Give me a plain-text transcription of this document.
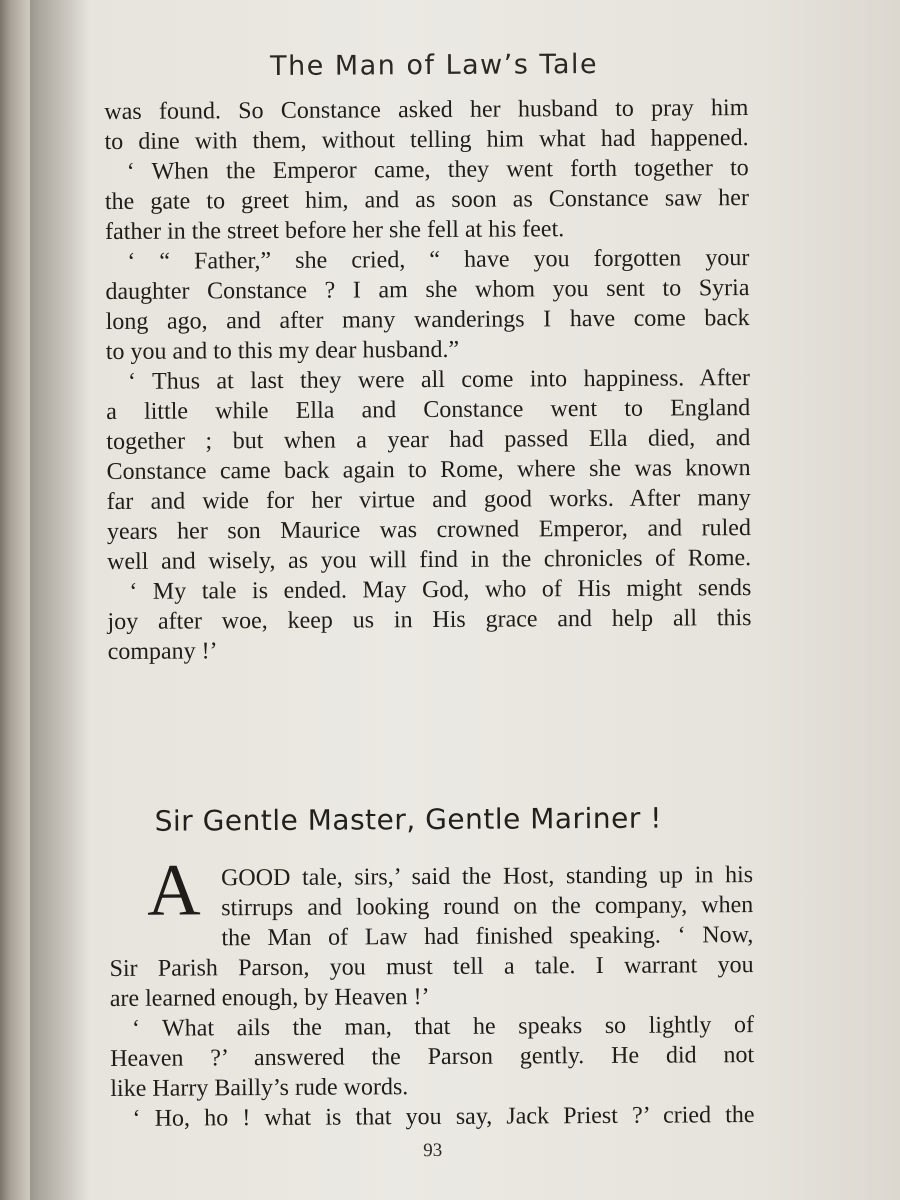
The Man of Law’s Tale

was found. So Constance asked her husband to pray him

to dine with them, without telling him what had happened.

‘ When the Emperor came, they went forth together to

the gate to greet him, and as soon as Constance saw her

father in the street before her she fell at his feet.

‘ “ Father,” she cried, “ have you forgotten your

daughter Constance ? I am she whom you sent to Syria

long ago, and after many wanderings I have come back

to you and to this my dear husband.”

‘ Thus at last they were all come into happiness. After

a little while Ella and Constance went to England

together ; but when a year had passed Ella died, and

Constance came back again to Rome, where she was known

far and wide for her virtue and good works. After many

years her son Maurice was crowned Emperor, and ruled

well and wisely, as you will find in the chronicles of Rome.

‘ My tale is ended. May God, who of His might sends

joy after woe, keep us in His grace and help all this

company !’

Sir Gentle Master, Gentle Mariner !
A GOOD tale, sirs,’ said the Host, standing up in his

stirrups and looking round on the company, when

the Man of Law had finished speaking. ‘ Now,

Sir Parish Parson, you must tell a tale. I warrant you

are learned enough, by Heaven !’

‘ What ails the man, that he speaks so lightly of

Heaven ?’ answered the Parson gently. He did not

like Harry Bailly’s rude words.

‘ Ho, ho ! what is that you say, Jack Priest ?’ cried the

93
